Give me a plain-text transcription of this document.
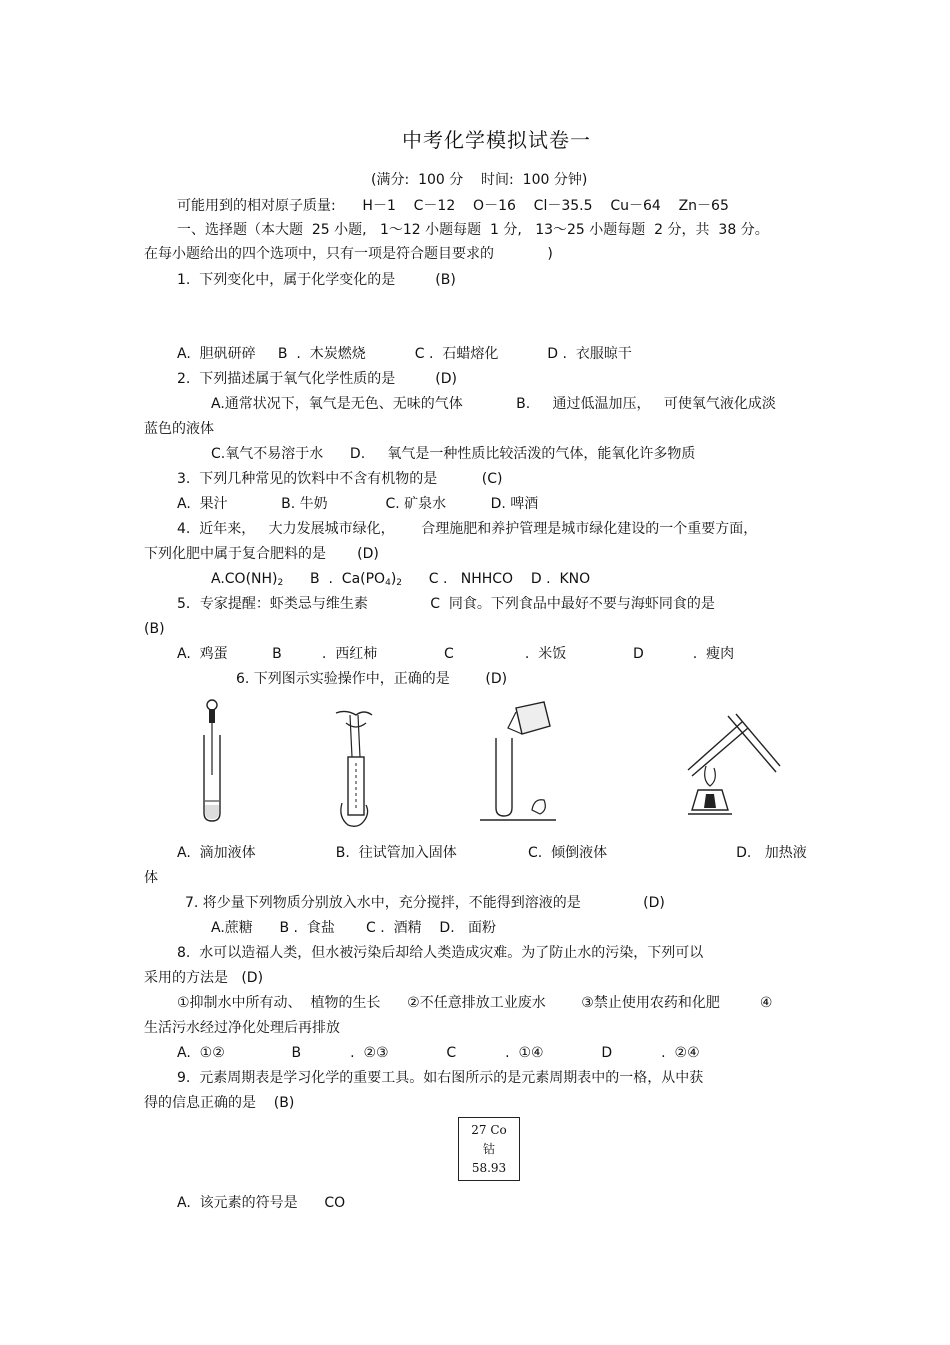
中考化学模拟试卷一
(满分:  100 分    时间:  100 分钟)
可能用到的相对原子质量:      H－1    C－12    O－16    Cl－35.5    Cu－64    Zn－65
一、选择题（本大题  25 小题,   1～12 小题每题  1 分,   13～25 小题每题  2 分，共  38 分。
在每小题给出的四个选项中，只有一项是符合题目要求的            )
1.  下列变化中，属于化学变化的是         (B)
A.  胆矾研碎     B  .  木炭燃烧           C .  石蜡熔化           D .  衣服晾干
2.  下列描述属于氧气化学性质的是         (D)
A.通常状况下，氧气是无色、无味的气体            B.     通过低温加压，   可使氧气液化成淡
蓝色的液体
C.氧气不易溶于水      D.     氧气是一种性质比较活泼的气体，能氧化许多物质
3.  下列几种常见的饮料中不含有机物的是          (C)
A.  果汁            B. 牛奶             C. 矿泉水          D. 啤酒
4.  近年来，   大力发展城市绿化，      合理施肥和养护管理是城市绿化建设的一个重要方面，
下列化肥中属于复合肥料的是       (D)
$A.CO(NH)_2$ B  .  $Ca(PO_4)_2$ C .   NHHCO    D .  KNO
5．专家提醒：虾类忌与维生素              C  同食。下列食品中最好不要与海虾同食的是
(B)
A.  鸡蛋          B         .  西红柿               C                .  米饭               D           .  瘦肉
6. 下列图示实验操作中，正确的是        (D)
A.  滴加液体                  B.  往试管加入固体                C.  倾倒液体                             D.   加热液
体
7. 将少量下列物质分别放入水中，充分搅拌，不能得到溶液的是              (D)
A.蔗糖      B .  食盐       C .  酒精    D.   面粉
8.  水可以造福人类，但水被污染后却给人类造成灾难。为了防止水的污染，下列可以
采用的方法是   (D)
①抑制水中所有动、  植物的生长      ②不任意排放工业废水        ③禁止使用农药和化肥         ④
生活污水经过净化处理后再排放
A.  ①②               B           .  ②③             C           .  ①④             D           .  ②④
9.  元素周期表是学习化学的重要工具。如右图所示的是元素周期表中的一格，从中获
得的信息正确的是    (B)
27 Co
钴
58.93
A.  该元素的符号是      CO
